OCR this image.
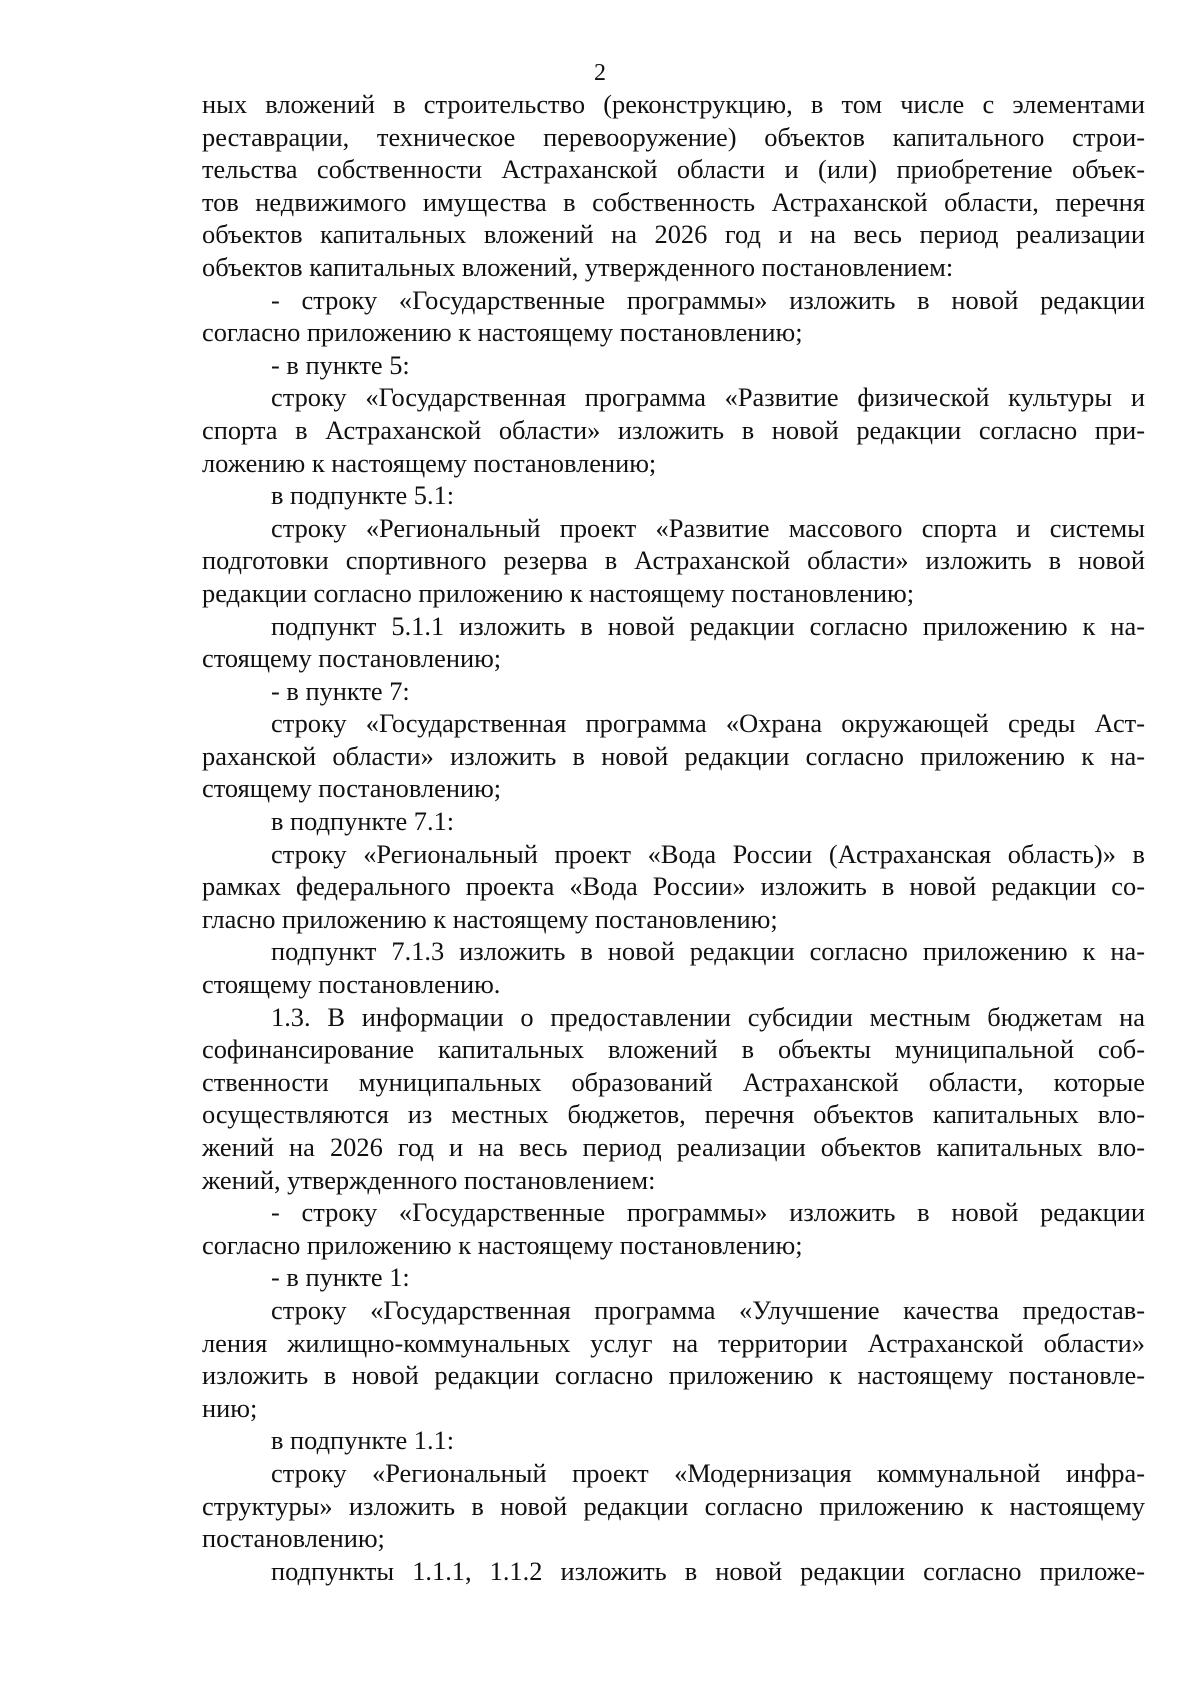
2
ных вложений в строительство (реконструкцию, в том числе с элементами
реставрации, техническое перевооружение) объектов капитального строи-
тельства собственности Астраханской области и (или) приобретение объек-
тов недвижимого имущества в собственность Астраханской области, перечня
объектов капитальных вложений на 2026 год и на весь период реализации
объектов капитальных вложений, утвержденного постановлением:
- строку «Государственные программы» изложить в новой редакции
согласно приложению к настоящему постановлению;
- в пункте 5:
строку «Государственная программа «Развитие физической культуры и
спорта в Астраханской области» изложить в новой редакции согласно при-
ложению к настоящему постановлению;
в подпункте 5.1:
строку «Региональный проект «Развитие массового спорта и системы
подготовки спортивного резерва в Астраханской области» изложить в новой
редакции согласно приложению к настоящему постановлению;
подпункт 5.1.1 изложить в новой редакции согласно приложению к на-
стоящему постановлению;
- в пункте 7:
строку «Государственная программа «Охрана окружающей среды Аст-
раханской области» изложить в новой редакции согласно приложению к на-
стоящему постановлению;
в подпункте 7.1:
строку «Региональный проект «Вода России (Астраханская область)» в
рамках федерального проекта «Вода России» изложить в новой редакции со-
гласно приложению к настоящему постановлению;
подпункт 7.1.3 изложить в новой редакции согласно приложению к на-
стоящему постановлению.
1.3. В информации о предоставлении субсидии местным бюджетам на
софинансирование капитальных вложений в объекты муниципальной соб-
ственности муниципальных образований Астраханской области, которые
осуществляются из местных бюджетов, перечня объектов капитальных вло-
жений на 2026 год и на весь период реализации объектов капитальных вло-
жений, утвержденного постановлением:
- строку «Государственные программы» изложить в новой редакции
согласно приложению к настоящему постановлению;
- в пункте 1:
строку «Государственная программа «Улучшение качества предостав-
ления жилищно-коммунальных услуг на территории Астраханской области»
изложить в новой редакции согласно приложению к настоящему постановле-
нию;
в подпункте 1.1:
строку «Региональный проект «Модернизация коммунальной инфра-
структуры» изложить в новой редакции согласно приложению к настоящему
постановлению;
подпункты 1.1.1, 1.1.2 изложить в новой редакции согласно приложе-
